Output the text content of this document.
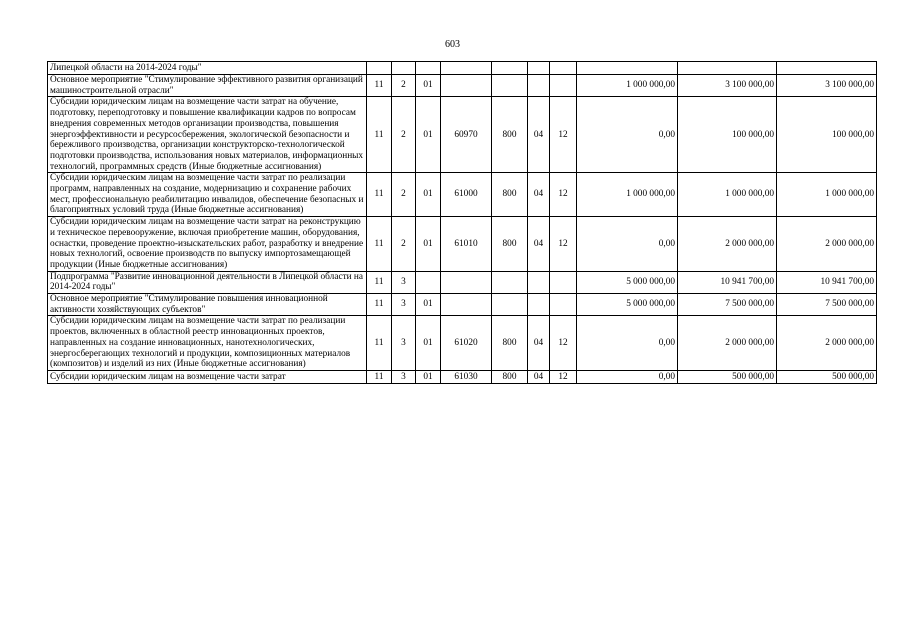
603
Липецкой области на 2014-2024 годы"										
Основное мероприятие "Стимулирование эффективного развития организаций машиностроительной отрасли"	11	2	01					1 000 000,00	3 100 000,00	3 100 000,00
Субсидии юридическим лицам на возмещение части затрат на обучение, подготовку, переподготовку и повышение квалификации кадров по вопросам внедрения современных методов организации производства, повышения энергоэффективности и ресурсосбережения, экологической безопасности и бережливого производства, организации конструкторско-технологической подготовки производства, использования новых материалов, информационных технологий, программных средств (Иные бюджетные ассигнования)	11	2	01	60970	800	04	12	0,00	100 000,00	100 000,00
Субсидии юридическим лицам на возмещение части затрат по реализации программ, направленных на создание, модернизацию и сохранение рабочих мест, профессиональную реабилитацию инвалидов, обеспечение безопасных и благоприятных условий труда (Иные бюджетные ассигнования)	11	2	01	61000	800	04	12	1 000 000,00	1 000 000,00	1 000 000,00
Субсидии юридическим лицам на возмещение части затрат на реконструкцию и техническое перевооружение, включая приобретение машин, оборудования, оснастки, проведение проектно-изыскательских работ, разработку и внедрение новых технологий, освоение производств по выпуску импортозамещающей продукции (Иные бюджетные ассигнования)	11	2	01	61010	800	04	12	0,00	2 000 000,00	2 000 000,00
Подпрограмма "Развитие инновационной деятельности в Липецкой области на 2014-2024 годы"	11	3						5 000 000,00	10 941 700,00	10 941 700,00
Основное мероприятие "Стимулирование повышения инновационной активности хозяйствующих субъектов"	11	3	01					5 000 000,00	7 500 000,00	7 500 000,00
Субсидии юридическим лицам на возмещение части затрат по реализации проектов, включенных в областной реестр инновационных проектов, направленных на создание инновационных, нанотехнологических, энергосберегающих технологий и продукции, композиционных материалов (композитов) и изделий из них (Иные бюджетные ассигнования)	11	3	01	61020	800	04	12	0,00	2 000 000,00	2 000 000,00
Субсидии юридическим лицам на возмещение части затрат	11	3	01	61030	800	04	12	0,00	500 000,00	500 000,00
